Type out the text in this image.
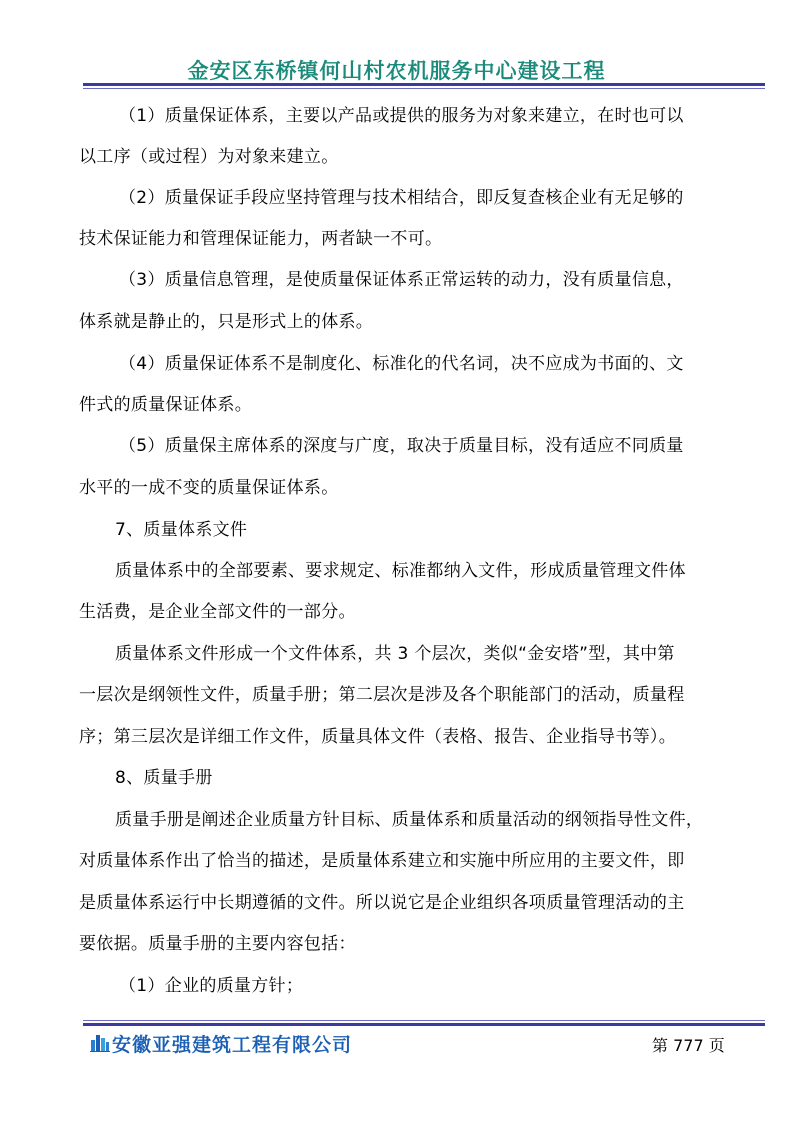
金安区东桥镇何山村农机服务中心建设工程
（1）质量保证体系，主要以产品或提供的服务为对象来建立，在时也可以
以工序（或过程）为对象来建立。
（2）质量保证手段应坚持管理与技术相结合，即反复查核企业有无足够的
技术保证能力和管理保证能力，两者缺一不可。
（3）质量信息管理，是使质量保证体系正常运转的动力，没有质量信息，
体系就是静止的，只是形式上的体系。
（4）质量保证体系不是制度化、标准化的代名词，决不应成为书面的、文
件式的质量保证体系。
（5）质量保主席体系的深度与广度，取决于质量目标，没有适应不同质量
水平的一成不变的质量保证体系。
7、质量体系文件
质量体系中的全部要素、要求规定、标准都纳入文件，形成质量管理文件体
生活费，是企业全部文件的一部分。
质量体系文件形成一个文件体系，共 3 个层次，类似“金安塔”型，其中第
一层次是纲领性文件，质量手册；第二层次是涉及各个职能部门的活动，质量程
序；第三层次是详细工作文件，质量具体文件（表格、报告、企业指导书等）。
8、质量手册
质量手册是阐述企业质量方针目标、质量体系和质量活动的纲领指导性文件，
对质量体系作出了恰当的描述，是质量体系建立和实施中所应用的主要文件，即
是质量体系运行中长期遵循的文件。所以说它是企业组织各项质量管理活动的主
要依据。质量手册的主要内容包括：
（1）企业的质量方针；
安徽亚强建筑工程有限公司	第 777 页
